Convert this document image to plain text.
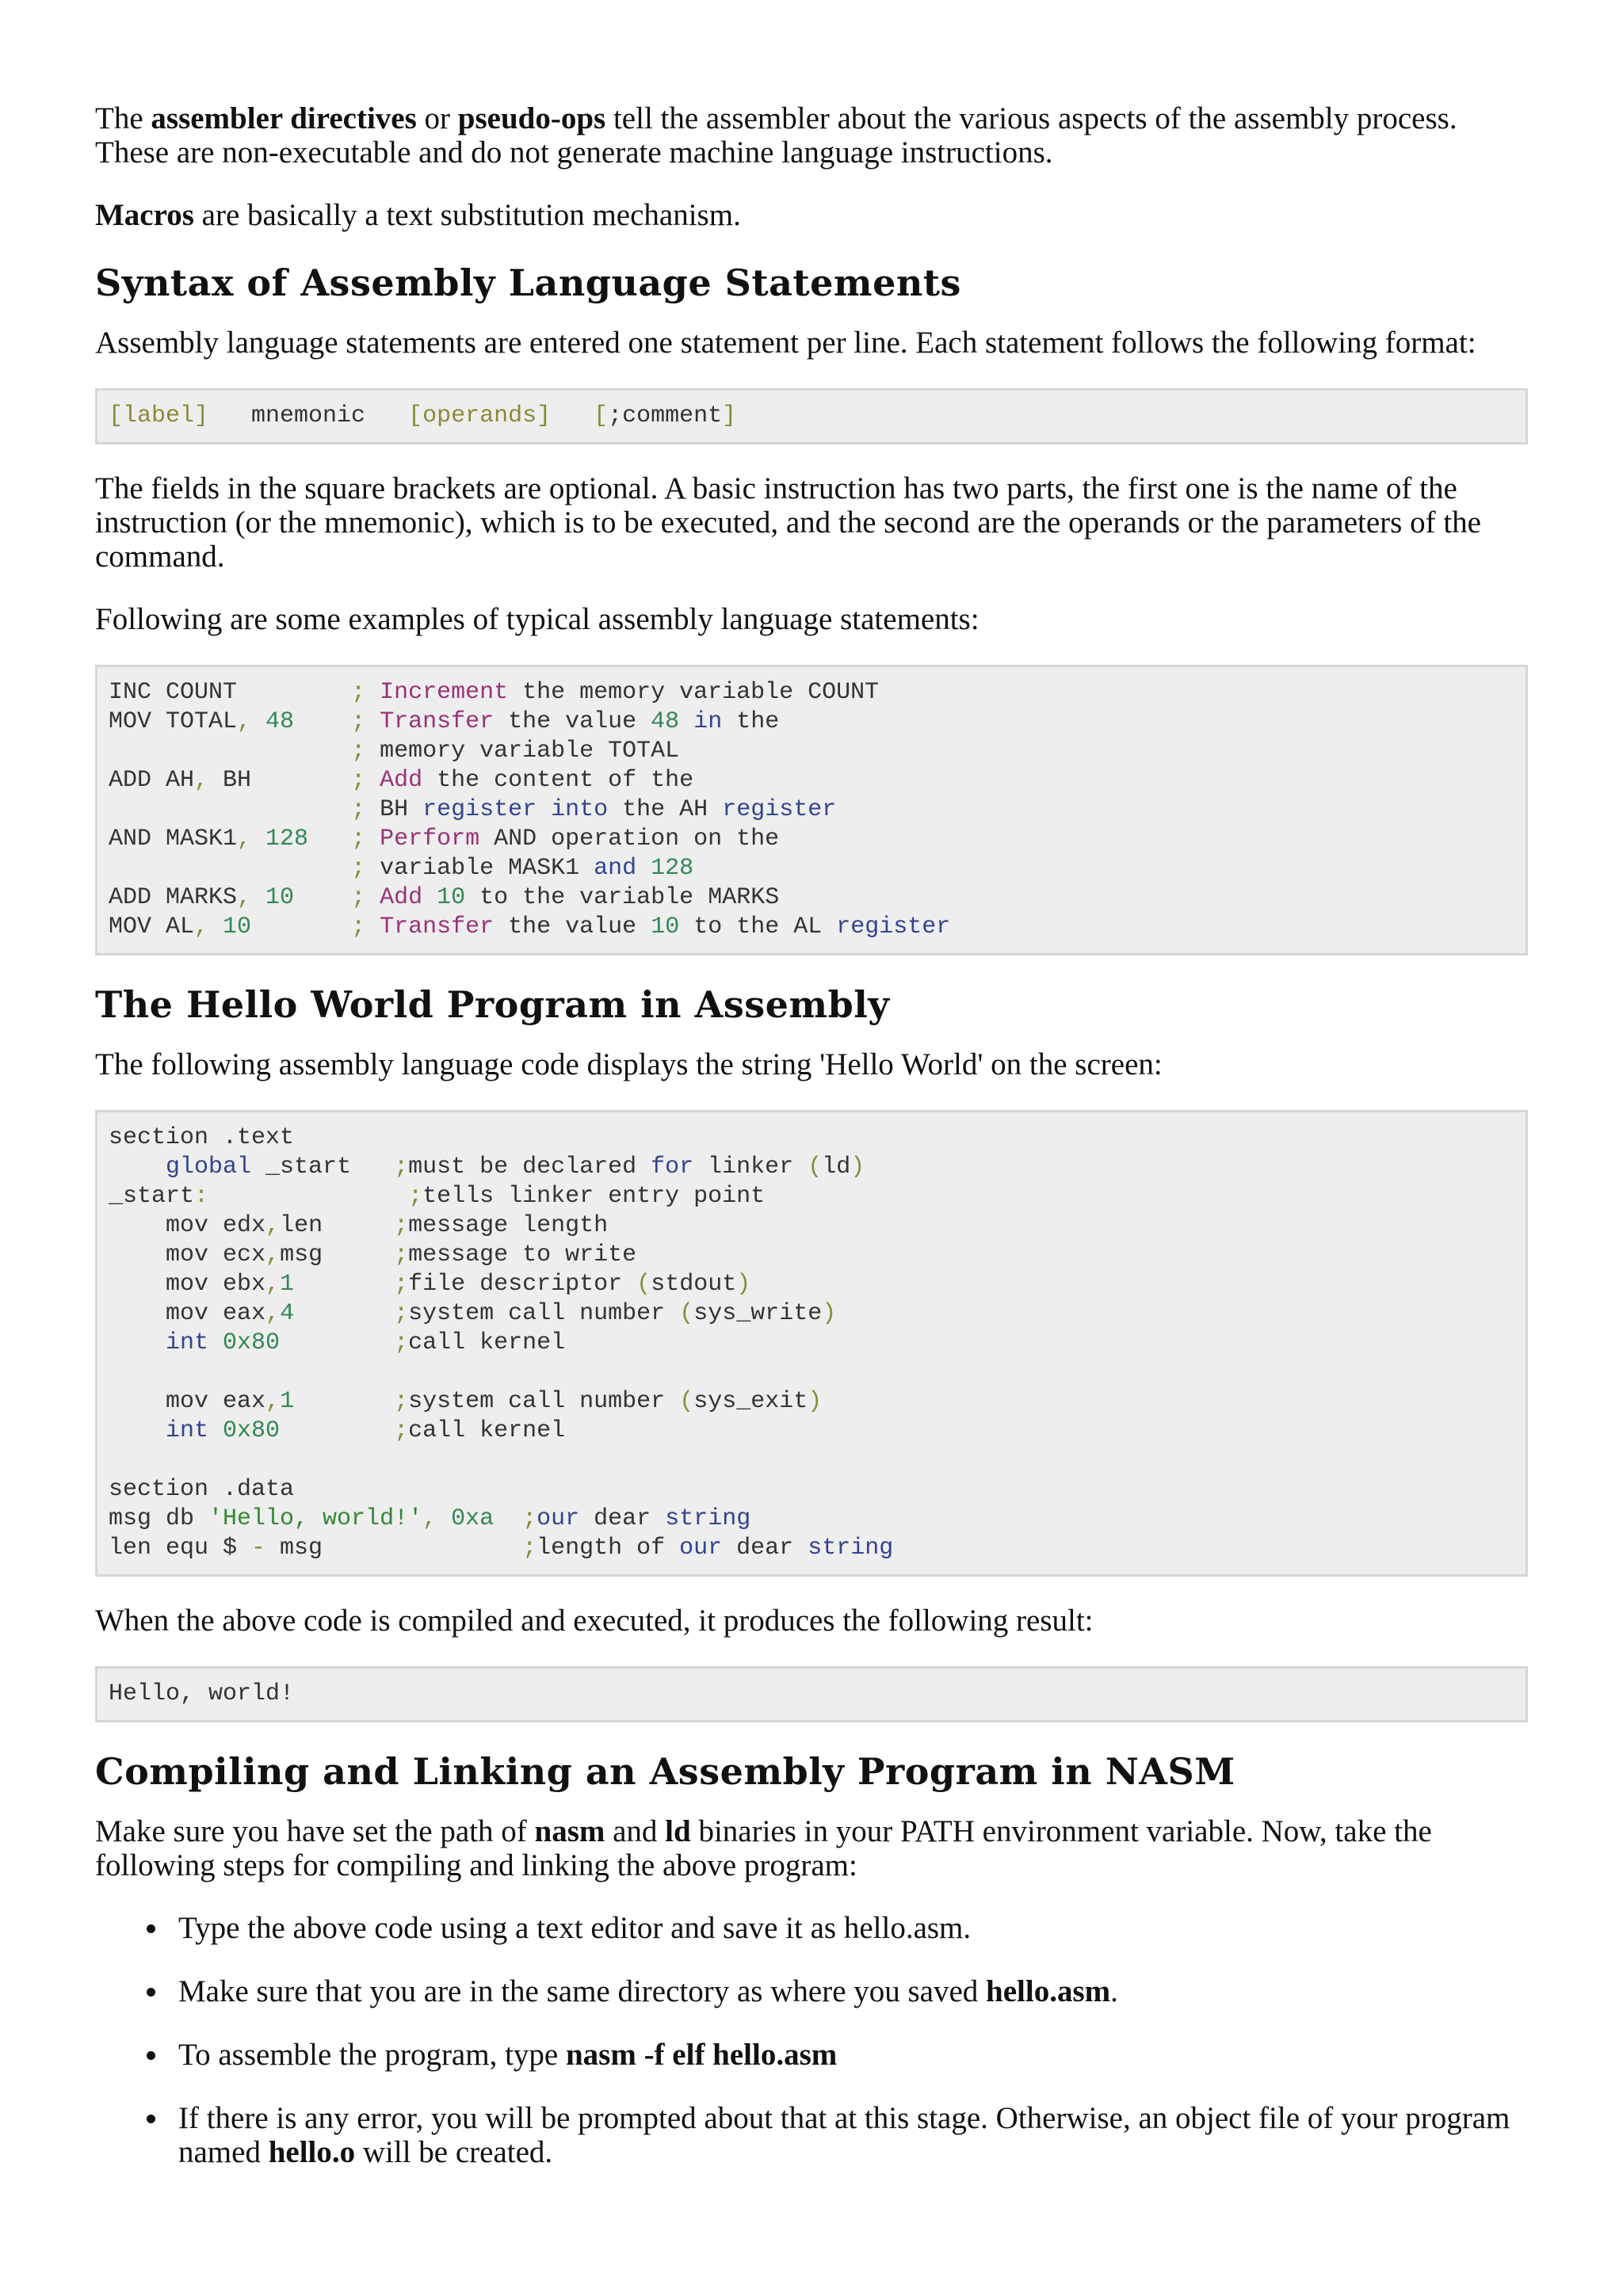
The assembler directives or pseudo-ops tell the assembler about the various aspects of the assembly process. These are non-executable and do not generate machine language instructions.

Macros are basically a text substitution mechanism.

Syntax of Assembly Language Statements

Assembly language statements are entered one statement per line. Each statement follows the following format:

[label]   mnemonic   [operands] [;comment]

The fields in the square brackets are optional. A basic instruction has two parts, the first one is the name of the instruction (or the mnemonic), which is to be executed, and the second are the operands or the parameters of the command.

Following are some examples of typical assembly language statements:

INC COUNT        ; Increment the memory variable COUNT
MOV TOTAL, 48 ; Transfer the value 48 in the
; memory variable TOTAL
ADD AH, BH       ; Add the content of the
; BH register into the AH register
AND MASK1, 128 ; Perform AND operation on the
; variable MASK1 and 128
ADD MARKS, 10 ; Add 10 to the variable MARKS
MOV AL, 10	; Transfer the value 10 to the AL register
The Hello World Program in Assembly

The following assembly language code displays the string 'Hello World' on the screen:

section .text
global _start   ;must be declared for linker (ld)
_start:	;tells linker entry point
mov edx,len     ;message length
mov ecx,msg     ;message to write
mov ebx,1	;file descriptor (stdout)
mov eax,4	;system call number (sys_write)
int 0x80	;call kernel

mov eax,1	;system call number (sys_exit)
int 0x80	;call kernel

section .data
msg db 'Hello, world!', 0xa ;our dear string
len equ $ - msg              ;length of our dear string

When the above code is compiled and executed, it produces the following result:

Hello, world!
Compiling and Linking an Assembly Program in NASM

Make sure you have set the path of nasm and ld binaries in your PATH environment variable. Now, take the following steps for compiling and linking the above program:

Type the above code using a text editor and save it as hello.asm.
Make sure that you are in the same directory as where you saved hello.asm.
To assemble the program, type nasm -f elf hello.asm
If there is any error, you will be prompted about that at this stage. Otherwise, an object file of your program named hello.o will be created.
